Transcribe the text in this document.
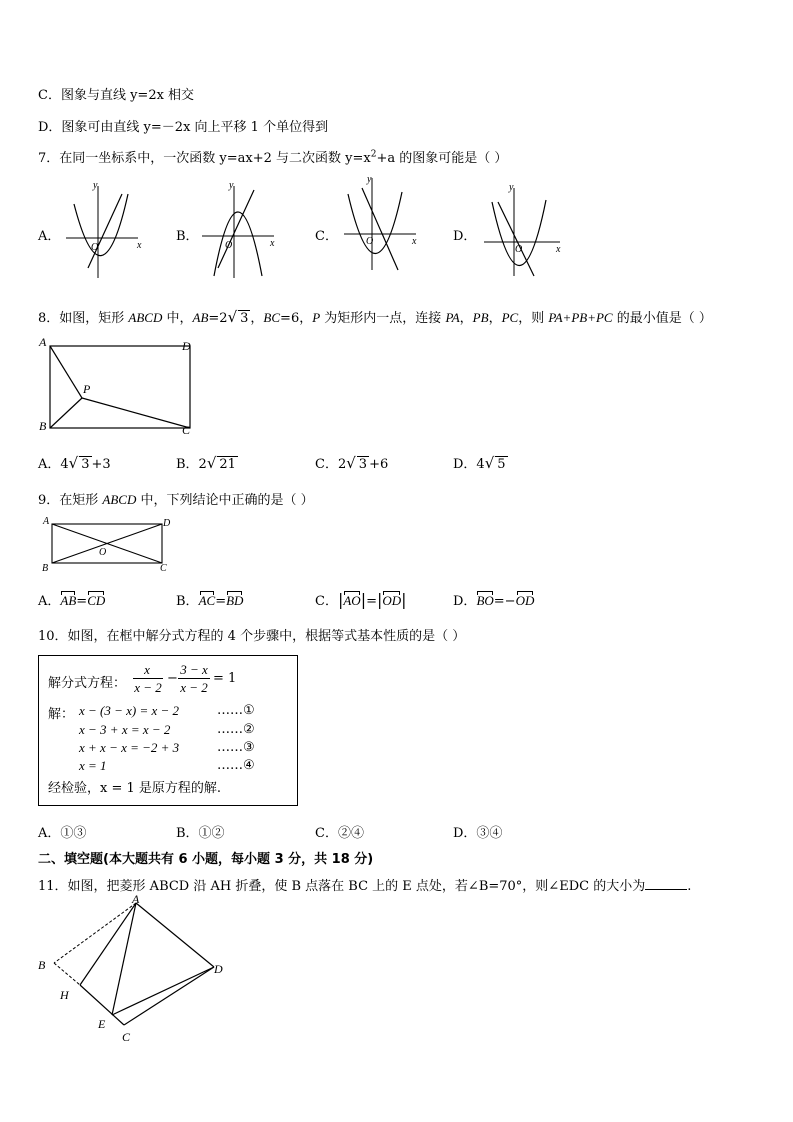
C．图象与直线 y=2x 相交
D．图象可由直线 y=－2x 向上平移 1 个单位得到
7．在同一坐标系中，一次函数 y=ax+2 与二次函数 $y=x^2+a$ 的图象可能是（ ）
A．
y
x
O
B．
y
x
O
C．
y
x
O	D．
y
x
O
8．如图，矩形 ABCD 中，AB=2√ 3 ，BC=6，P 为矩形内一点，连接 PA，PB，PC，则 PA+PB+PC 的最小值是（ ）
A	D
B	C
P
A．4√ 3 +3	B．2√ 21	C．2√ 3 +6	D．4√ 5
9．在矩形 ABCD 中，下列结论中正确的是（ ）
A	D
B	C
O
A．AB=CD	B．AC=BD	C．|AO|=|OD|	D．BO=−OD
10．如图，在框中解分式方程的 4 个步骤中，根据等式基本性质的是（ ）
解分式方程：
x
x − 2
−
3 − x
x − 2
= 1
解： x − (3 − x) = x − 2	……①
x − 3 + x = x − 2	……②
x + x − x = −2 + 3	……③
x = 1	……④
经检验，x = 1 是原方程的解.
A．①③	B．①②	C．②④	D．③④
二、填空题(本大题共有 6 小题，每小题 3 分，共 18 分)
11．如图，把菱形 ABCD 沿 AH 折叠，使 B 点落在 BC 上的 E 点处，若∠B=70°，则∠EDC 的大小为	.
A
B	D
H
E
C
